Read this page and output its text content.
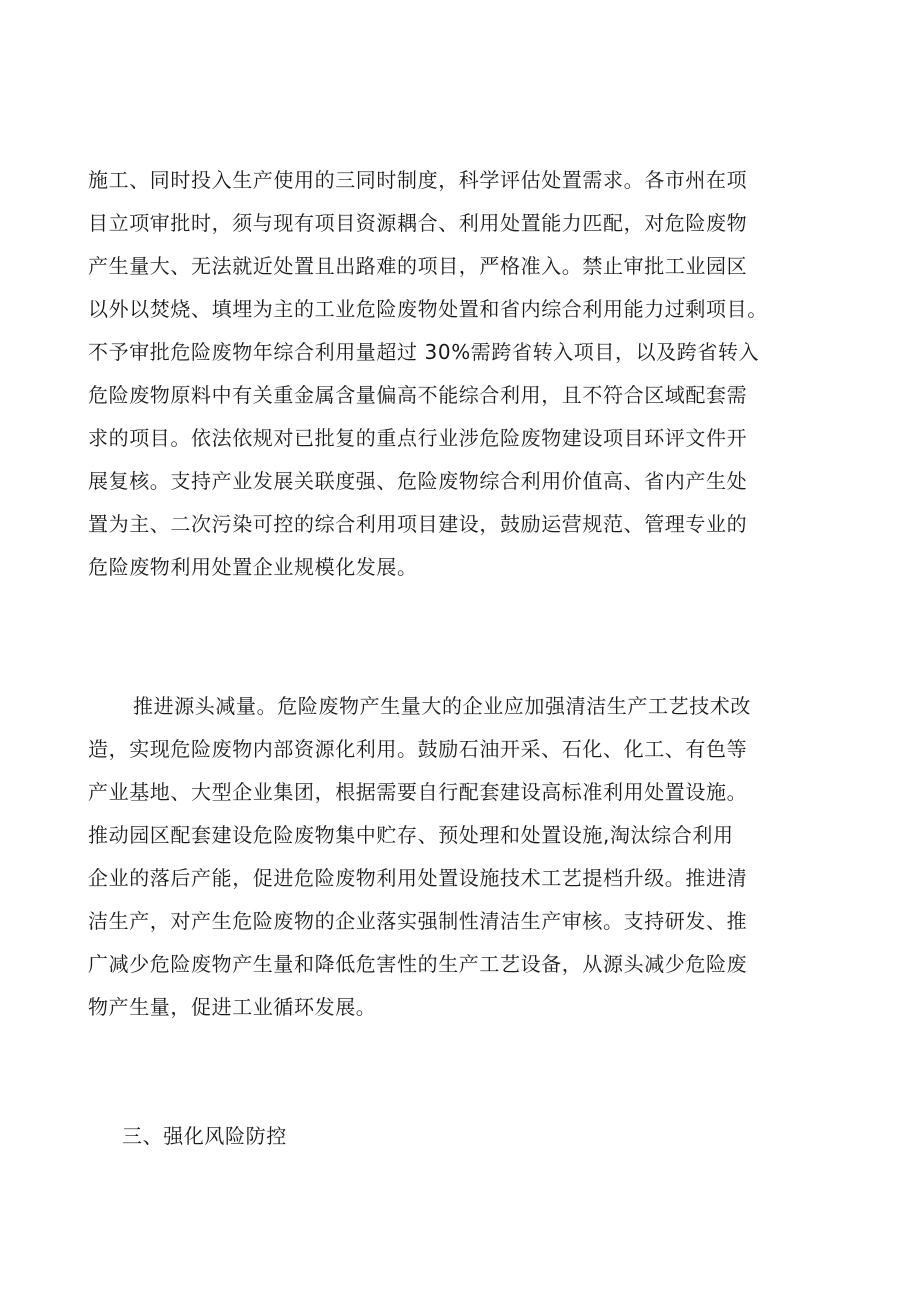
施工、同时投入生产使用的三同时制度，科学评估处置需求。各市州在项
目立项审批时，须与现有项目资源耦合、利用处置能力匹配，对危险废物
产生量大、无法就近处置且出路难的项目，严格准入。禁止审批工业园区
以外以焚烧、填埋为主的工业危险废物处置和省内综合利用能力过剩项目。
不予审批危险废物年综合利用量超过 30%需跨省转入项目，以及跨省转入
危险废物原料中有关重金属含量偏高不能综合利用，且不符合区域配套需
求的项目。依法依规对已批复的重点行业涉危险废物建设项目环评文件开
展复核。支持产业发展关联度强、危险废物综合利用价值高、省内产生处
置为主、二次污染可控的综合利用项目建设，鼓励运营规范、管理专业的
危险废物利用处置企业规模化发展。
推进源头减量。危险废物产生量大的企业应加强清洁生产工艺技术改
造，实现危险废物内部资源化利用。鼓励石油开采、石化、化工、有色等
产业基地、大型企业集团，根据需要自行配套建设高标准利用处置设施。
推动园区配套建设危险废物集中贮存、预处理和处置设施,淘汰综合利用
企业的落后产能，促进危险废物利用处置设施技术工艺提档升级。推进清
洁生产，对产生危险废物的企业落实强制性清洁生产审核。支持研发、推
广减少危险废物产生量和降低危害性的生产工艺设备，从源头减少危险废
物产生量，促进工业循环发展。
三、强化风险防控
